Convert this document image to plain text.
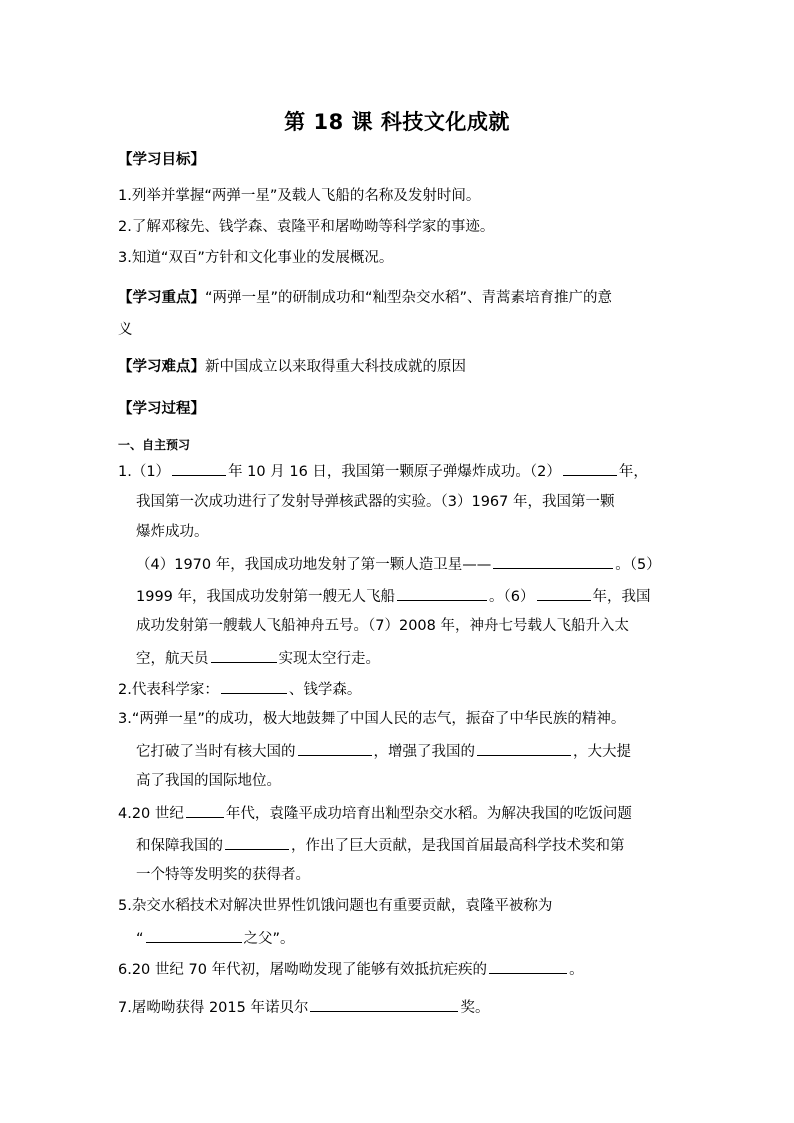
第 18 课 科技文化成就
【学习目标】
1.列举并掌握“两弹一星”及载人飞船的名称及发射时间。
2.了解邓稼先、钱学森、袁隆平和屠呦呦等科学家的事迹。
3.知道“双百”方针和文化事业的发展概况。
【学习重点】“两弹一星”的研制成功和“籼型杂交水稻”、青蒿素培育推广的意
义
【学习难点】新中国成立以来取得重大科技成就的原因
【学习过程】
一、自主预习
1.（1）	年 10 月 16 日，我国第一颗原子弹爆炸成功。（2）	年，
我国第一次成功进行了发射导弹核武器的实验。（3）1967 年，我国第一颗
爆炸成功。
（4）1970 年，我国成功地发射了第一颗人造卫星——	。（5）
1999 年，我国成功发射第一艘无人飞船	。（6）	年，我国
成功发射第一艘载人飞船神舟五号。（7）2008 年，神舟七号载人飞船升入太
空，航天员	实现太空行走。
2.代表科学家：	、钱学森。
3.“两弹一星”的成功，极大地鼓舞了中国人民的志气，振奋了中华民族的精神。
它打破了当时有核大国的	，增强了我国的	，大大提
高了我国的国际地位。
4.20 世纪	年代，袁隆平成功培育出籼型杂交水稻。为解决我国的吃饭问题
和保障我国的	，作出了巨大贡献，是我国首届最高科学技术奖和第
一个特等发明奖的获得者。
5.杂交水稻技术对解决世界性饥饿问题也有重要贡献，袁隆平被称为
“	之父”。
6.20 世纪 70 年代初，屠呦呦发现了能够有效抵抗疟疾的	。
7.屠呦呦获得 2015 年诺贝尔	奖。
